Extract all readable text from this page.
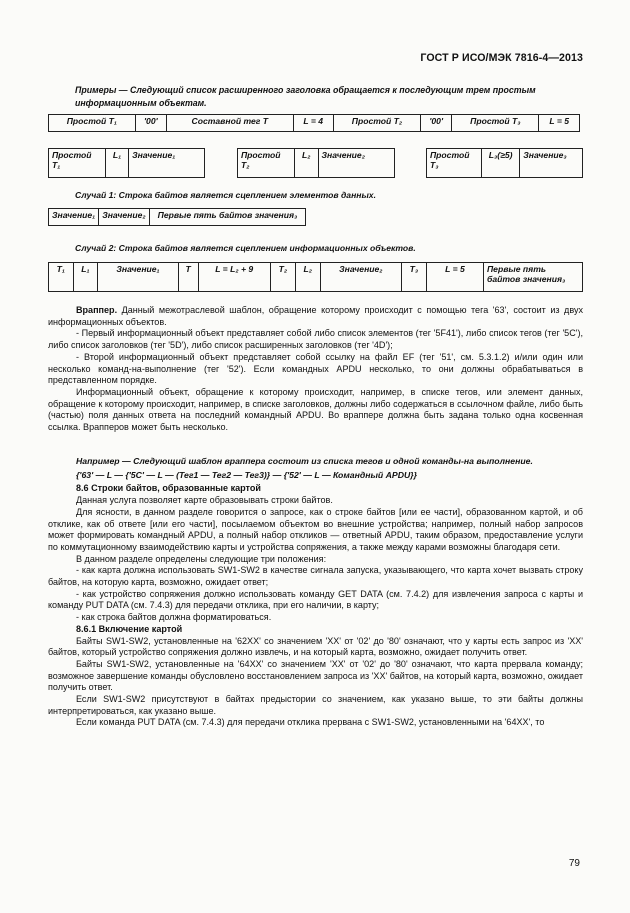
ГОСТ Р ИСО/МЭК 7816-4—2013
Примеры — Следующий список расширенного заголовка обращается к последующим трем простым информационным объектам.
Простой T₁	'00'	Составной тег T	L = 4	Простой T₂	'00'	Простой T₃	L = 5
Простой T₁	L₁	Значение₁	Простой T₂	L₂	Значение₂	Простой T₃	L₃(≥5)	Значение₃
Случай 1: Строка байтов является сцеплением элементов данных.
Значение₁	Значение₂	Первые пять байтов значения₃
Случай 2: Строка байтов является сцеплением информационных объектов.
T₁	L₁	Значение₁	T	L = L₂ + 9	T₂	L₂	Значение₂	T₃	L = 5	Первые пять байтов значения₃

Враппер. Данный межотраслевой шаблон, обращение которому происходит с помощью тега '63', состоит из двух информационных объектов.

- Первый информационный объект представляет собой либо список элементов (тег '5F41'), либо список тегов (тег '5C'), либо список заголовков (тег '5D'), либо список расширенных заголовков (тег '4D');

- Второй информационный объект представляет собой ссылку на файл EF (тег '51', см. 5.3.1.2) и/или один или несколько команд-на-выполнение (тег '52'). Если командных APDU несколько, то они должны обрабатываться в представленном порядке.

Информационный объект, обращение к которому происходит, например, в списке тегов, или элемент данных, обращение к которому происходит, например, в списке заголовков, должны либо содержаться в ссылочном файле, либо быть (частью) поля данных ответа на последний командный APDU. Во враппере должна быть задана только одна косвенная ссылка. Врапперов может быть несколько.

Например — Следующий шаблон враппера состоит из списка тегов и одной команды-на выполнение.

{'63' — L — {'5C' — L — (Тег1 — Тег2 — Тег3)} — {'52' — L — Командный APDU}}

8.6 Строки байтов, образованные картой

Данная услуга позволяет карте образовывать строки байтов.

Для ясности, в данном разделе говорится о запросе, как о строке байтов [или ее части], образованном картой, и об отклике, как об ответе [или его части], посылаемом объектом во внешние устройства; например, полный набор запросов может формировать командный APDU, а полный набор откликов — ответный APDU, таким образом, предоставление услуги по коммутационному взаимодействию карты и устройства сопряжения, а также между карами возможны благодаря сети.

В данном разделе определены следующие три положения:

- как карта должна использовать SW1-SW2 в качестве сигнала запуска, указывающего, что карта хочет вызвать строку байтов, на которую карта, возможно, ожидает ответ;

- как устройство сопряжения должно использовать команду GET DATA (см. 7.4.2) для извлечения запроса с карты и команду PUT DATA (см. 7.4.3) для передачи отклика, при его наличии, в карту;

- как строка байтов должна форматироваться.

8.6.1 Включение картой

Байты SW1-SW2, установленные на '62XX' со значением 'XX' от '02' до '80' означают, что у карты есть запрос из 'XX' байтов, который устройство сопряжения должно извлечь, и на который карта, возможно, ожидает получить ответ.

Байты SW1-SW2, установленные на '64XX' со значением 'XX' от '02' до '80' означают, что карта прервала команду; возможное завершение команды обусловлено восстановлением запроса из 'XX' байтов, на который карта, возможно, ожидает получить ответ.

Если SW1-SW2 присутствуют в байтах предыстории со значением, как указано выше, то эти байты должны интерпретироваться, как указано выше.

Если команда PUT DATA (см. 7.4.3) для передачи отклика прервана с SW1-SW2, установленными на '64XX', то

79
